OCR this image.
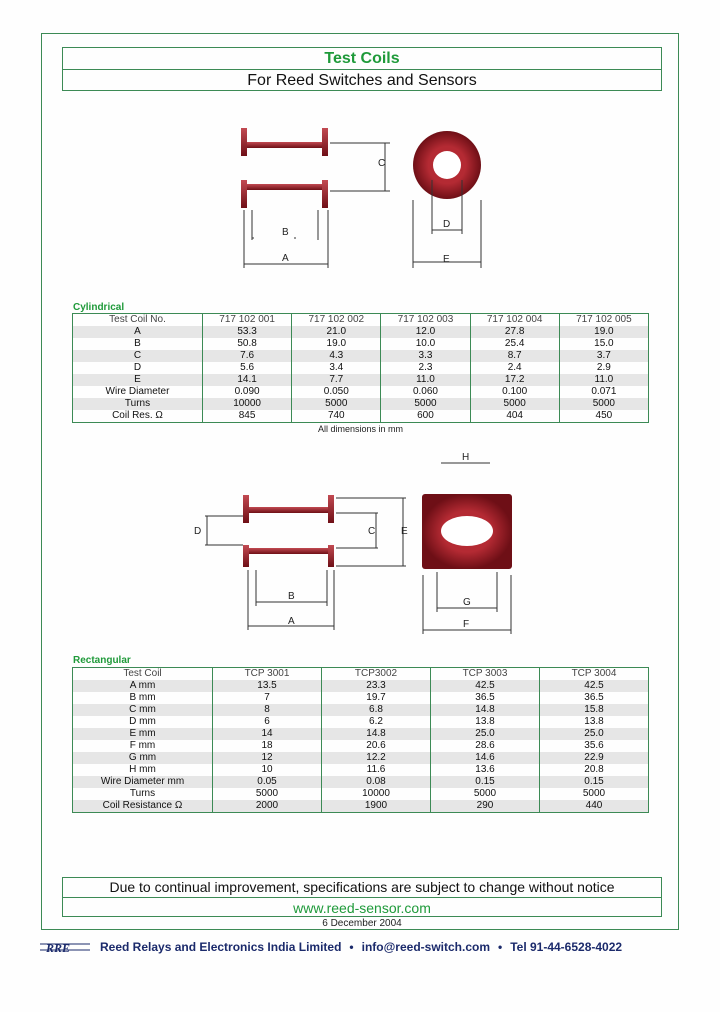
Test Coils
For Reed Switches and Sensors
C
B
A
D
E
D	C	E
B
A
H
G
F
Cylindrical
Test Coil No.	717 102 001	717 102 002	717 102 003	717 102 004	717 102 005
A	53.3	21.0	12.0	27.8	19.0
B	50.8	19.0	10.0	25.4	15.0
C	7.6	4.3	3.3	8.7	3.7
D	5.6	3.4	2.3	2.4	2.9
E	14.1	7.7	11.0	17.2	11.0
Wire Diameter	0.090	0.050	0.060	0.100	0.071
Turns	10000	5000	5000	5000	5000
Coil Res. Ω	845	740	600	404	450
All dimensions in mm
Rectangular
Test Coil	TCP 3001	TCP3002	TCP 3003	TCP 3004
A mm	13.5	23.3	42.5	42.5
B mm	7	19.7	36.5	36.5
C mm	8	6.8	14.8	15.8
D mm	6	6.2	13.8	13.8
E mm	14	14.8	25.0	25.0
F mm	18	20.6	28.6	35.6
G mm	12	12.2	14.6	22.9
H mm	10	11.6	13.6	20.8
Wire Diameter mm	0.05	0.08	0.15	0.15
Turns	5000	10000	5000	5000
Coil Resistance Ω	2000	1900	290	440
Due to continual improvement, specifications are subject to change without notice
www.reed-sensor.com
6 December 2004
RRE Reed Relays and Electronics India Limited • info@reed-switch.com • Tel 91-44-6528-4022
